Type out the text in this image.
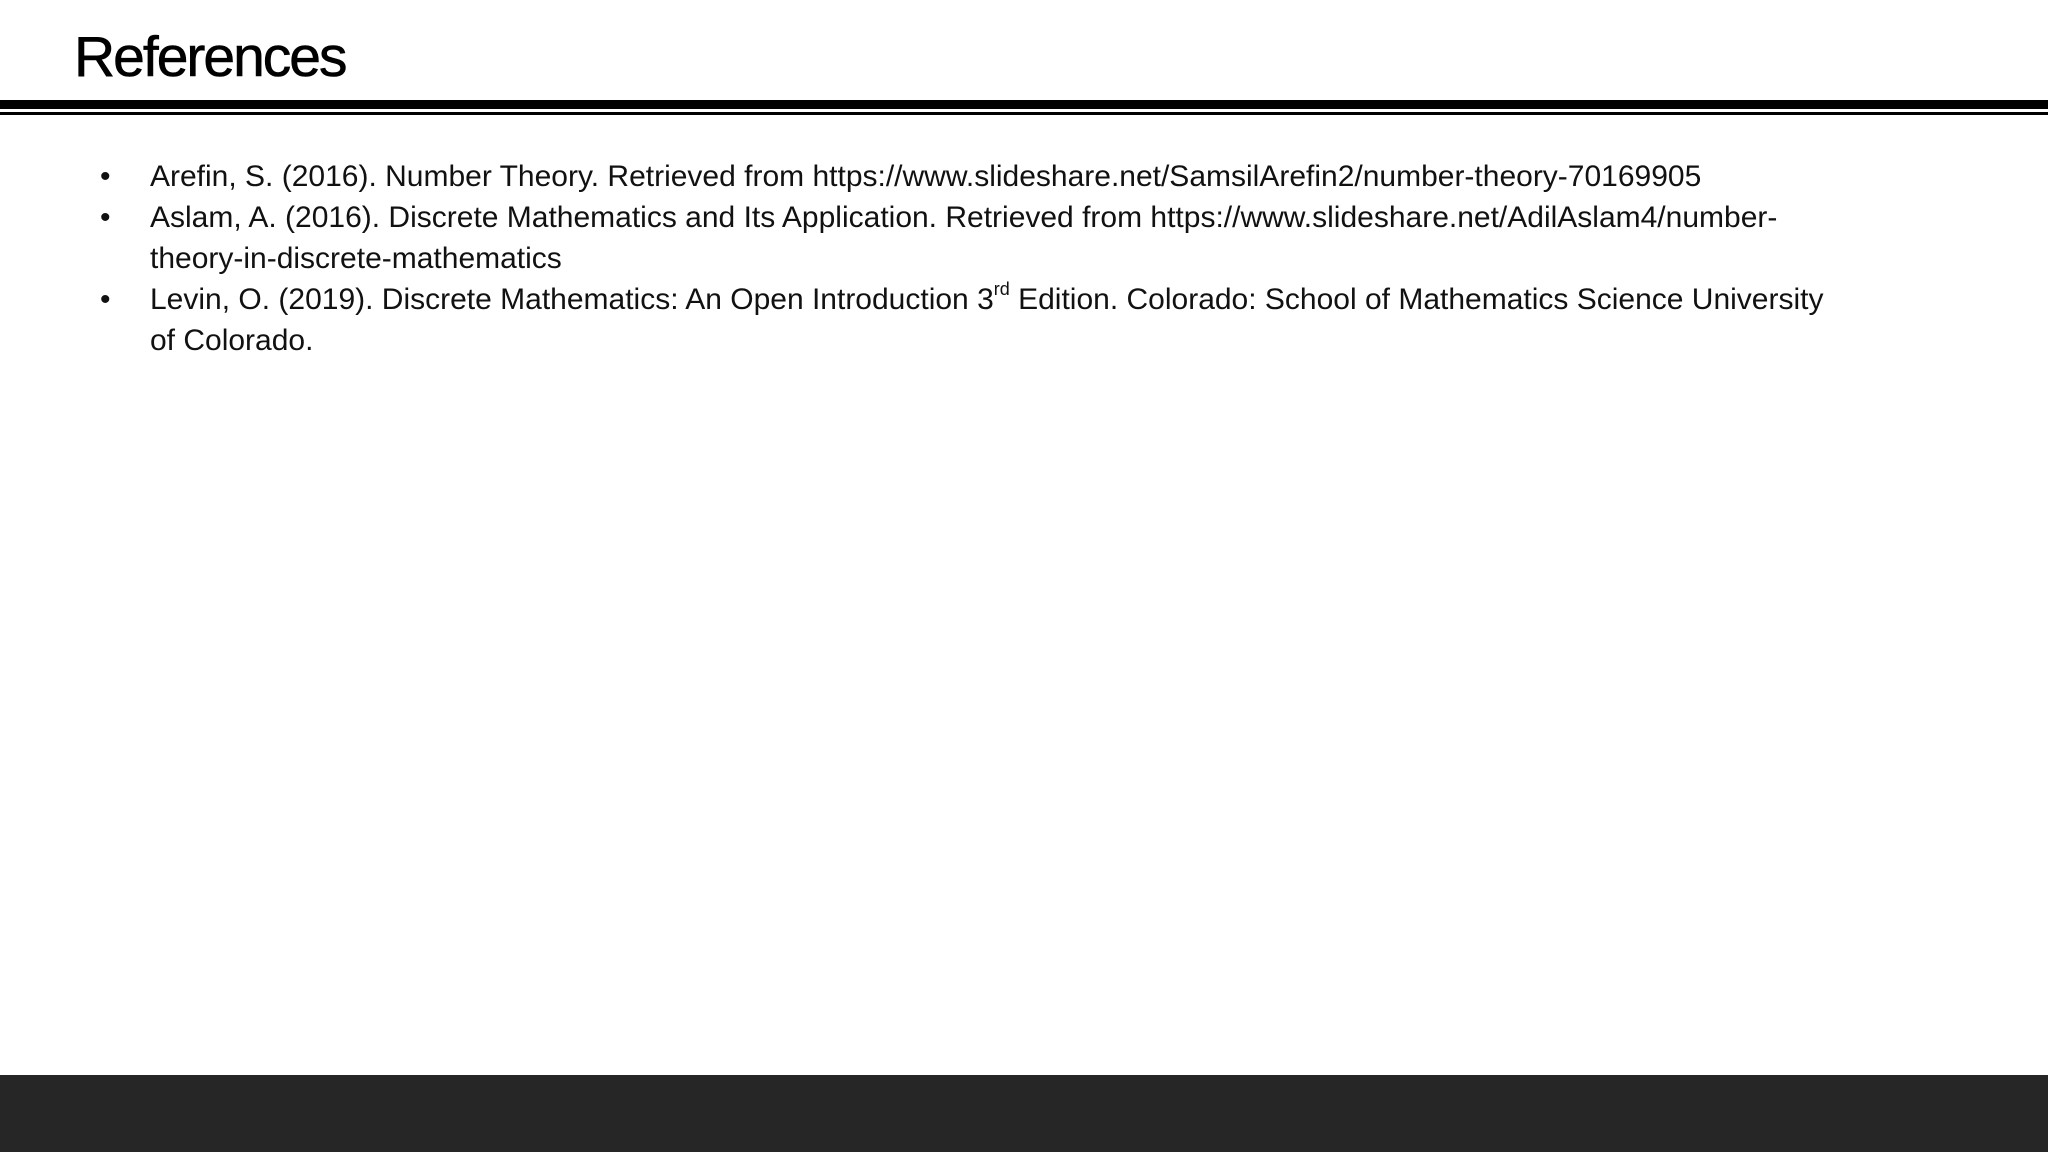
References
• Arefin, S. (2016). Number Theory. Retrieved from https://www.slideshare.net/SamsilArefin2/number-theory-70169905
• Aslam, A. (2016). Discrete Mathematics and Its Application. Retrieved from https://www.slideshare.net/AdilAslam4/number-
theory-in-discrete-mathematics
• Levin, O. (2019). Discrete Mathematics: An Open Introduction 3rd Edition. Colorado: School of Mathematics Science University
of Colorado.
